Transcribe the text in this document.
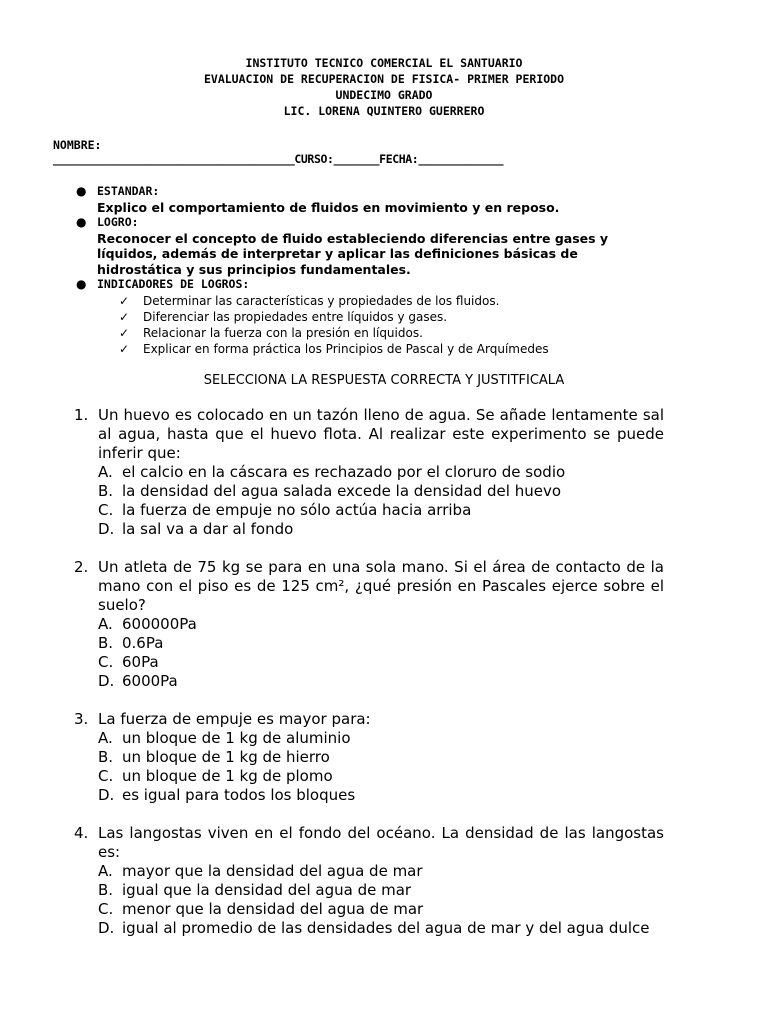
INSTITUTO TECNICO COMERCIAL EL SANTUARIO
EVALUACION DE RECUPERACION DE FISICA- PRIMER PERIODO
UNDECIMO GRADO
LIC. LORENA QUINTERO GUERRERO
NOMBRE:
_____________________________________CURSO:_______FECHA:_____________
● ESTANDAR:
Explico el comportamiento de fluidos en movimiento y en reposo.
● LOGRO:
Reconocer el concepto de fluido estableciendo diferencias entre gases y líquidos, además de interpretar y aplicar las definiciones básicas de hidrostática y sus principios fundamentales.
● INDICADORES DE LOGROS:
✓ Determinar las características y propiedades de los fluidos.
✓ Diferenciar las propiedades entre líquidos y gases.
✓ Relacionar la fuerza con la presión en líquidos.
✓ Explicar en forma práctica los Principios de Pascal y de Arquímedes
SELECCIONA LA RESPUESTA CORRECTA Y JUSTITFICALA
1. Un huevo es colocado en un tazón lleno de agua. Se añade lentamente sal al agua, hasta que el huevo flota. Al realizar este experimento se puede inferir que:
A. el calcio en la cáscara es rechazado por el cloruro de sodio
B. la densidad del agua salada excede la densidad del huevo
C. la fuerza de empuje no sólo actúa hacia arriba
D. la sal va a dar al fondo
2. Un atleta de 75 kg se para en una sola mano. Si el área de contacto de la mano con el piso es de 125 cm², ¿qué presión en Pascales ejerce sobre el suelo?
A. 600000Pa
B. 0.6Pa
C. 60Pa
D. 6000Pa
3. La fuerza de empuje es mayor para:
A. un bloque de 1 kg de aluminio
B. un bloque de 1 kg de hierro
C. un bloque de 1 kg de plomo
D. es igual para todos los bloques
4. Las langostas viven en el fondo del océano. La densidad de las langostas es:
A. mayor que la densidad del agua de mar
B. igual que la densidad del agua de mar
C. menor que la densidad del agua de mar
D. igual al promedio de las densidades del agua de mar y del agua dulce
